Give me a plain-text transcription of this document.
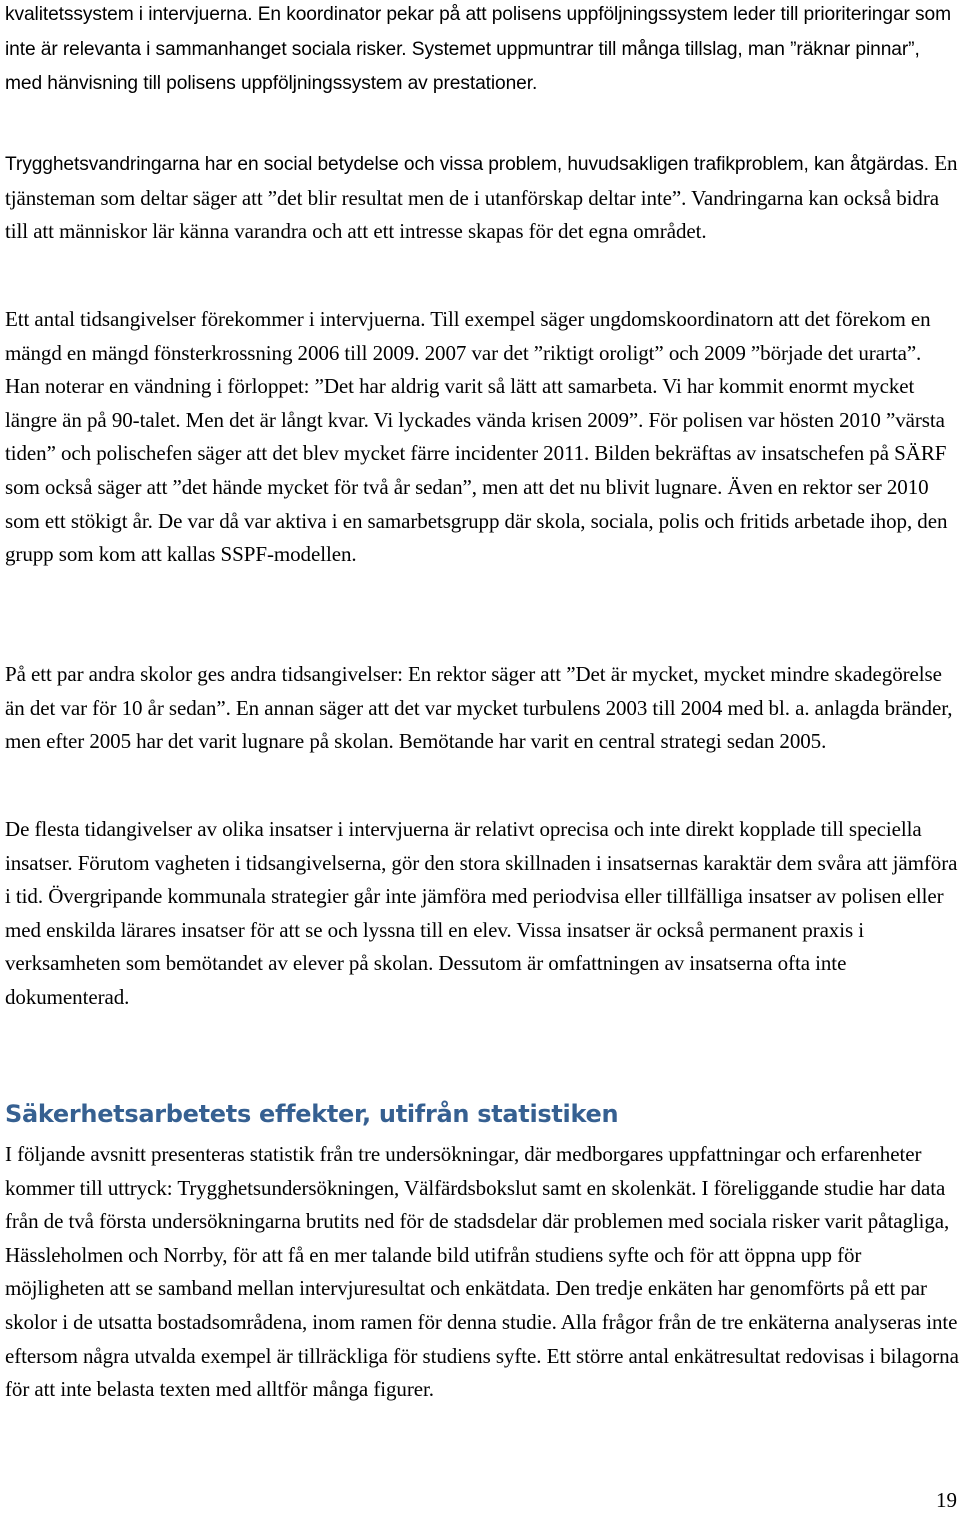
kvalitetssystem i intervjuerna. En koordinator pekar på att polisens uppföljningssystem leder till prioriteringar som inte är relevanta i sammanhanget sociala risker. Systemet uppmuntrar till många tillslag, man ”räknar pinnar”, med hänvisning till polisens uppföljningssystem av prestationer.

Trygghetsvandringarna har en social betydelse och vissa problem, huvudsakligen trafikproblem, kan åtgärdas. En tjänsteman som deltar säger att ”det blir resultat men de i utanförskap deltar inte”. Vandringarna kan också bidra till att människor lär känna varandra och att ett intresse skapas för det egna området.

Ett antal tidsangivelser förekommer i intervjuerna. Till exempel säger ungdomskoordinatorn att det förekom en mängd en mängd fönsterkrossning 2006 till 2009. 2007 var det ”riktigt oroligt” och 2009 ”började det urarta”. Han noterar en vändning i förloppet: ”Det har aldrig varit så lätt att samarbeta. Vi har kommit enormt mycket längre än på 90-talet. Men det är långt kvar. Vi lyckades vända krisen 2009”. För polisen var hösten 2010 ”värsta tiden” och polischefen säger att det blev mycket färre incidenter 2011. Bilden bekräftas av insatschefen på SÄRF som också säger att ”det hände mycket för två år sedan”, men att det nu blivit lugnare. Även en rektor ser 2010 som ett stökigt år. De var då var aktiva i en samarbetsgrupp där skola, sociala, polis och fritids arbetade ihop, den grupp som kom att kallas SSPF-modellen.

På ett par andra skolor ges andra tidsangivelser: En rektor säger att ”Det är mycket, mycket mindre skadegörelse än det var för 10 år sedan”. En annan säger att det var mycket turbulens 2003 till 2004 med bl. a. anlagda bränder, men efter 2005 har det varit lugnare på skolan. Bemötande har varit en central strategi sedan 2005.

De flesta tidangivelser av olika insatser i intervjuerna är relativt oprecisa och inte direkt kopplade till speciella insatser. Förutom vagheten i tidsangivelserna, gör den stora skillnaden i insatsernas karaktär dem svåra att jämföra i tid. Övergripande kommunala strategier går inte jämföra med periodvisa eller tillfälliga insatser av polisen eller med enskilda lärares insatser för att se och lyssna till en elev. Vissa insatser är också permanent praxis i verksamheten som bemötandet av elever på skolan. Dessutom är omfattningen av insatserna ofta inte dokumenterad.

Säkerhetsarbetets effekter, utifrån statistiken

I följande avsnitt presenteras statistik från tre undersökningar, där medborgares uppfattningar och erfarenheter kommer till uttryck: Trygghetsundersökningen, Välfärdsbokslut samt en skolenkät. I föreliggande studie har data från de två första undersökningarna brutits ned för de stadsdelar där problemen med sociala risker varit påtagliga, Hässleholmen och Norrby, för att få en mer talande bild utifrån studiens syfte och för att öppna upp för möjligheten att se samband mellan intervjuresultat och enkätdata. Den tredje enkäten har genomförts på ett par skolor i de utsatta bostadsområdena, inom ramen för denna studie. Alla frågor från de tre enkäterna analyseras inte eftersom några utvalda exempel är tillräckliga för studiens syfte. Ett större antal enkätresultat redovisas i bilagorna för att inte belasta texten med alltför många figurer.

19
